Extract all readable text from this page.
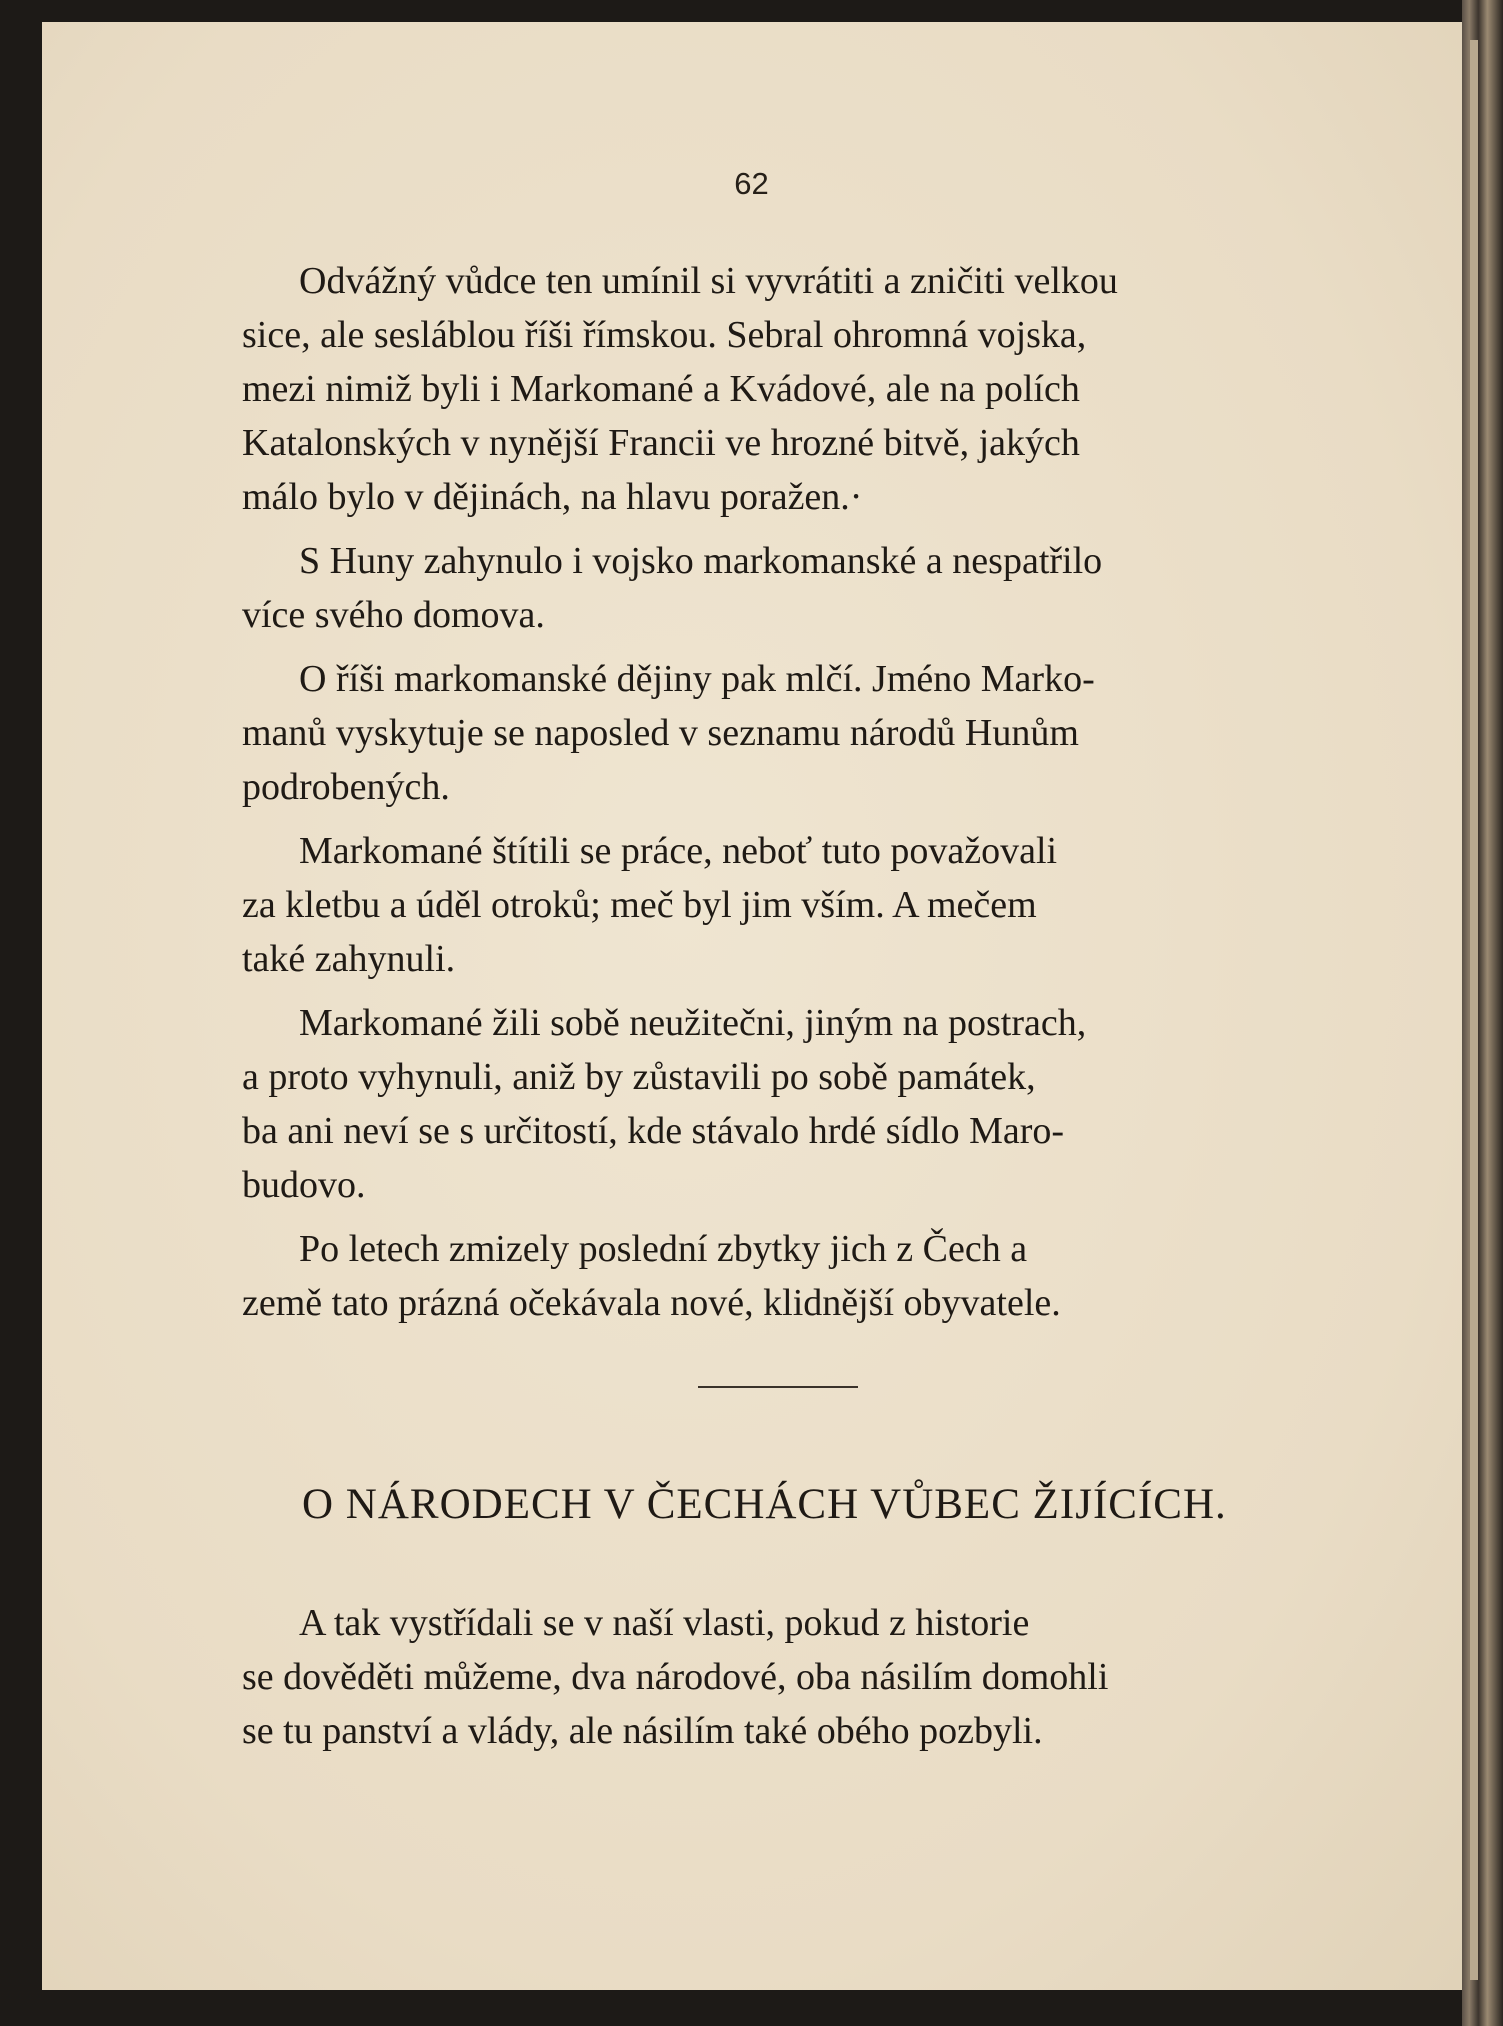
62

Odvážný vůdce ten umínil si vyvrátiti a zničiti velkou
sice, ale sesláblou říši římskou. Sebral ohromná vojska,
mezi nimiž byli i Markomané a Kvádové, ale na polích
Katalonských v nynější Francii ve hrozné bitvě, jakých
málo bylo v dějinách, na hlavu poražen.·

S Huny zahynulo i vojsko markomanské a nespatřilo
více svého domova.

O říši markomanské dějiny pak mlčí. Jméno Marko-
manů vyskytuje se naposled v seznamu národů Hunům
podrobených.

Markomané štítili se práce, neboť tuto považovali
za kletbu a úděl otroků; meč byl jim vším. A mečem
také zahynuli.

Markomané žili sobě neužitečni, jiným na postrach,
a proto vyhynuli, aniž by zůstavili po sobě památek,
ba ani neví se s určitostí, kde stávalo hrdé sídlo Maro-
budovo.

Po letech zmizely poslední zbytky jich z Čech a
země tato prázná očekávala nové, klidnější obyvatele.

O NÁRODECH V ČECHÁCH VŮBEC ŽIJÍCÍCH.

A tak vystřídali se v naší vlasti, pokud z historie
se dověděti můžeme, dva národové, oba násilím domohli
se tu panství a vlády, ale násilím také obého pozbyli.
